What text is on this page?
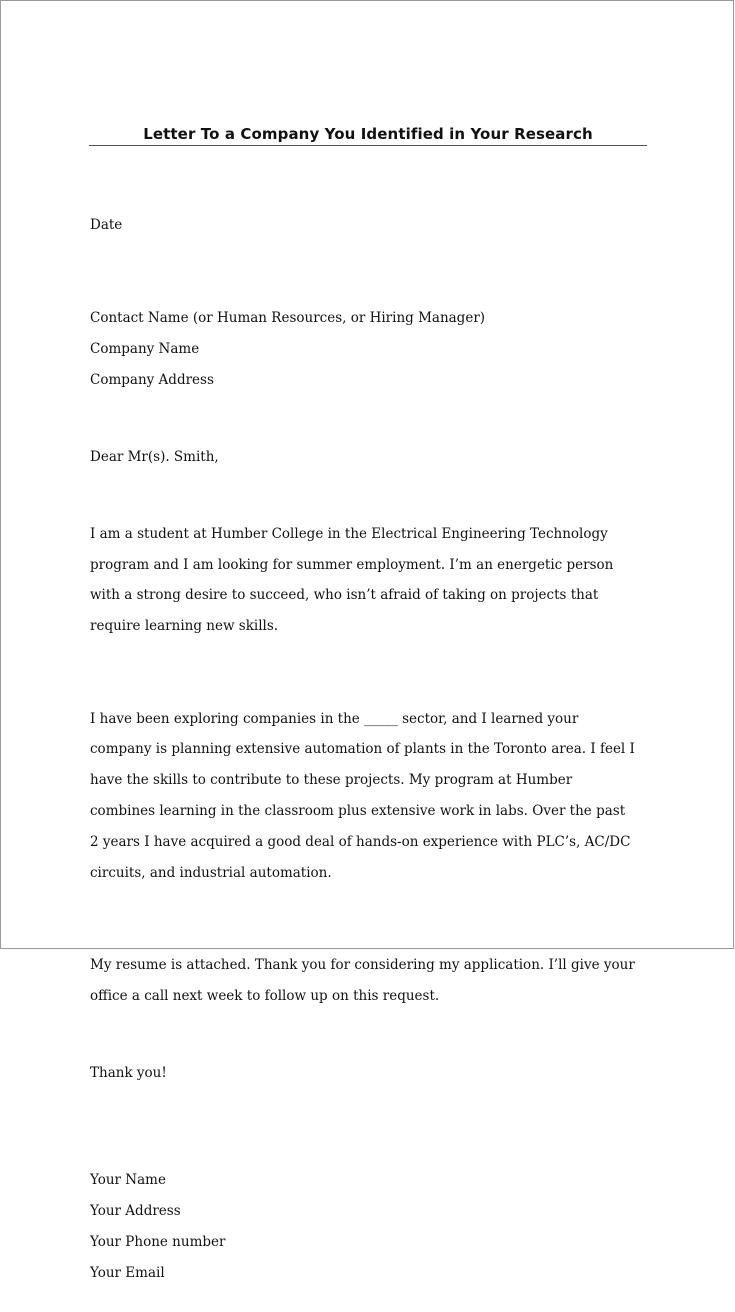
Letter To a Company You Identified in Your Research

Date

Contact Name (or Human Resources, or Hiring Manager)

Company Name

Company Address

Dear Mr(s). Smith,

I am a student at Humber College in the Electrical Engineering Technology

program and I am looking for summer employment. I’m an energetic person

with a strong desire to succeed, who isn’t afraid of taking on projects that

require learning new skills.

I have been exploring companies in the _____ sector, and I learned your

company is planning extensive automation of plants in the Toronto area. I feel I

have the skills to contribute to these projects. My program at Humber

combines learning in the classroom plus extensive work in labs. Over the past

2 years I have acquired a good deal of hands-on experience with PLC’s, AC/DC

circuits, and industrial automation.

My resume is attached. Thank you for considering my application. I’ll give your

office a call next week to follow up on this request.

Thank you!

Your Name

Your Address

Your Phone number

Your Email
